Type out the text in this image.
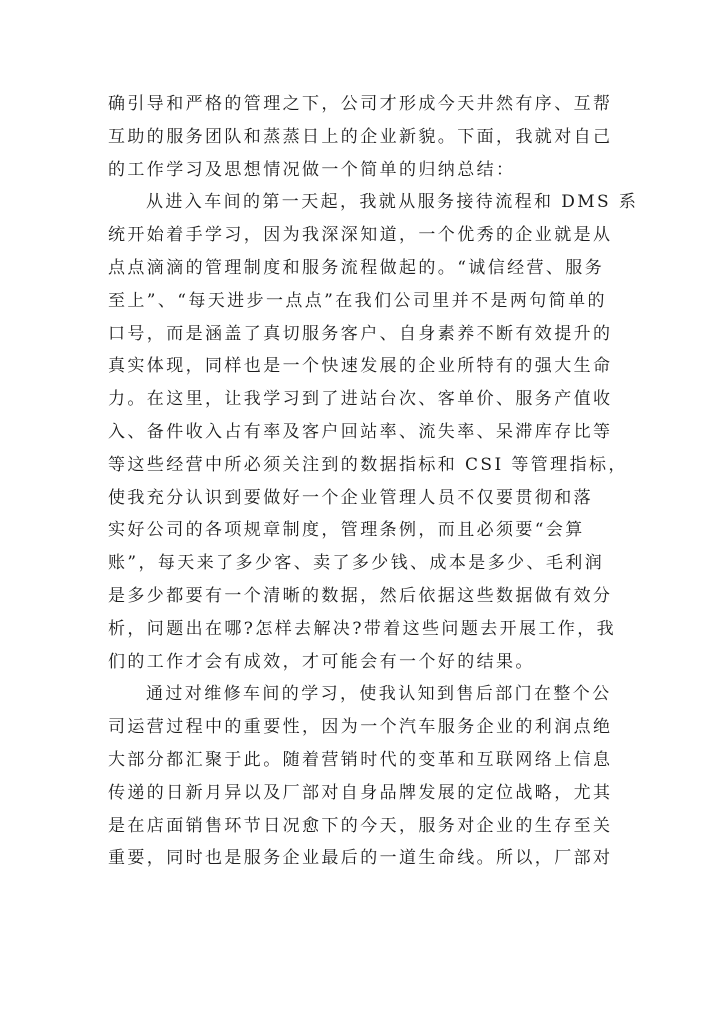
确引导和严格的管理之下，公司才形成今天井然有序、互帮
互助的服务团队和蒸蒸日上的企业新貌。下面，我就对自己
的工作学习及思想情况做一个简单的归纳总结：
从进入车间的第一天起，我就从服务接待流程和 DMS 系
统开始着手学习，因为我深深知道，一个优秀的企业就是从
点点滴滴的管理制度和服务流程做起的。“诚信经营、服务
至上”、“每天进步一点点”在我们公司里并不是两句简单的
口号，而是涵盖了真切服务客户、自身素养不断有效提升的
真实体现，同样也是一个快速发展的企业所特有的强大生命
力。在这里，让我学习到了进站台次、客单价、服务产值收
入、备件收入占有率及客户回站率、流失率、呆滞库存比等
等这些经营中所必须关注到的数据指标和 CSI 等管理指标，
使我充分认识到要做好一个企业管理人员不仅要贯彻和落
实好公司的各项规章制度，管理条例，而且必须要“会算
账”，每天来了多少客、卖了多少钱、成本是多少、毛利润
是多少都要有一个清晰的数据，然后依据这些数据做有效分
析，问题出在哪?怎样去解决?带着这些问题去开展工作，我
们的工作才会有成效，才可能会有一个好的结果。
通过对维修车间的学习，使我认知到售后部门在整个公
司运营过程中的重要性，因为一个汽车服务企业的利润点绝
大部分都汇聚于此。随着营销时代的变革和互联网络上信息
传递的日新月异以及厂部对自身品牌发展的定位战略，尤其
是在店面销售环节日况愈下的今天，服务对企业的生存至关
重要，同时也是服务企业最后的一道生命线。所以，厂部对
